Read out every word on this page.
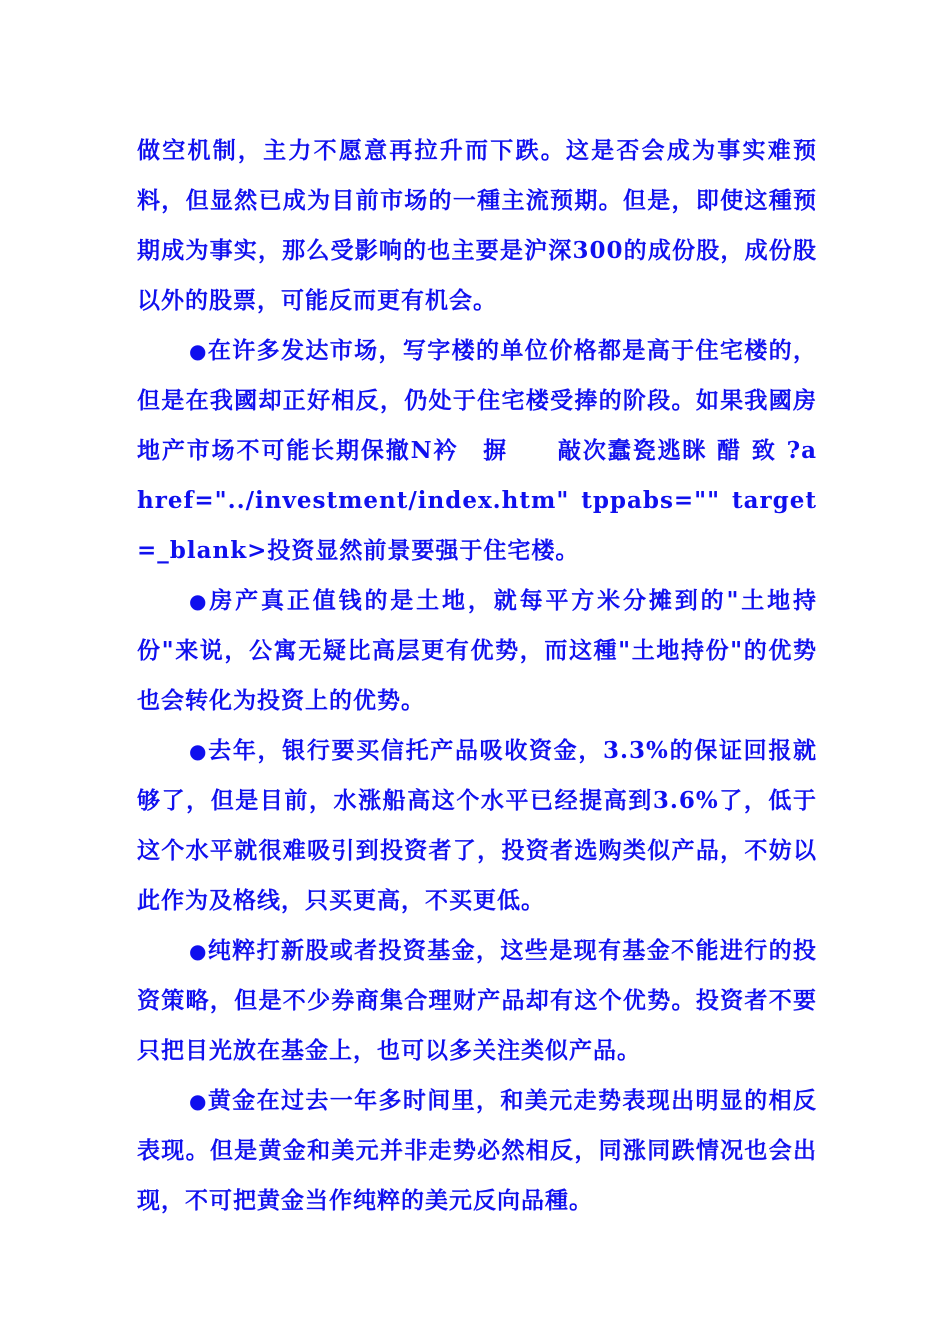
做空机制，主力不愿意再拉升而下跌。这是否会成为事实难预料，但显然已成为目前市场的一種主流预期。但是，即使这種预期成为事实，那么受影响的也主要是沪深300的成份股，成份股以外的股票，可能反而更有机会。

●在许多发达市场，写字楼的单位价格都是高于住宅楼的，但是在我國却正好相反，仍处于住宅楼受捧的阶段。如果我國房地产市场不可能长期保撤N衿　摒　　敲次蠢瓷逃眯 醋 致 ?a href="../investment/index.htm" tppabs="" target=_blank>投资显然前景要强于住宅楼。

●房产真正值钱的是土地，就每平方米分摊到的"土地持份"来说，公寓无疑比高层更有优势，而这種"土地持份"的优势也会转化为投资上的优势。

●去年，银行要买信托产品吸收资金，3.3%的保证回报就够了，但是目前，水涨船高这个水平已经提高到3.6%了，低于这个水平就很难吸引到投资者了，投资者选购类似产品，不妨以此作为及格线，只买更高，不买更低。

●纯粹打新股或者投资基金，这些是现有基金不能进行的投资策略，但是不少券商集合理财产品却有这个优势。投资者不要只把目光放在基金上，也可以多关注类似产品。

●黄金在过去一年多时间里，和美元走势表现出明显的相反表现。但是黄金和美元并非走势必然相反，同涨同跌情况也会出现，不可把黄金当作纯粹的美元反向品種。
